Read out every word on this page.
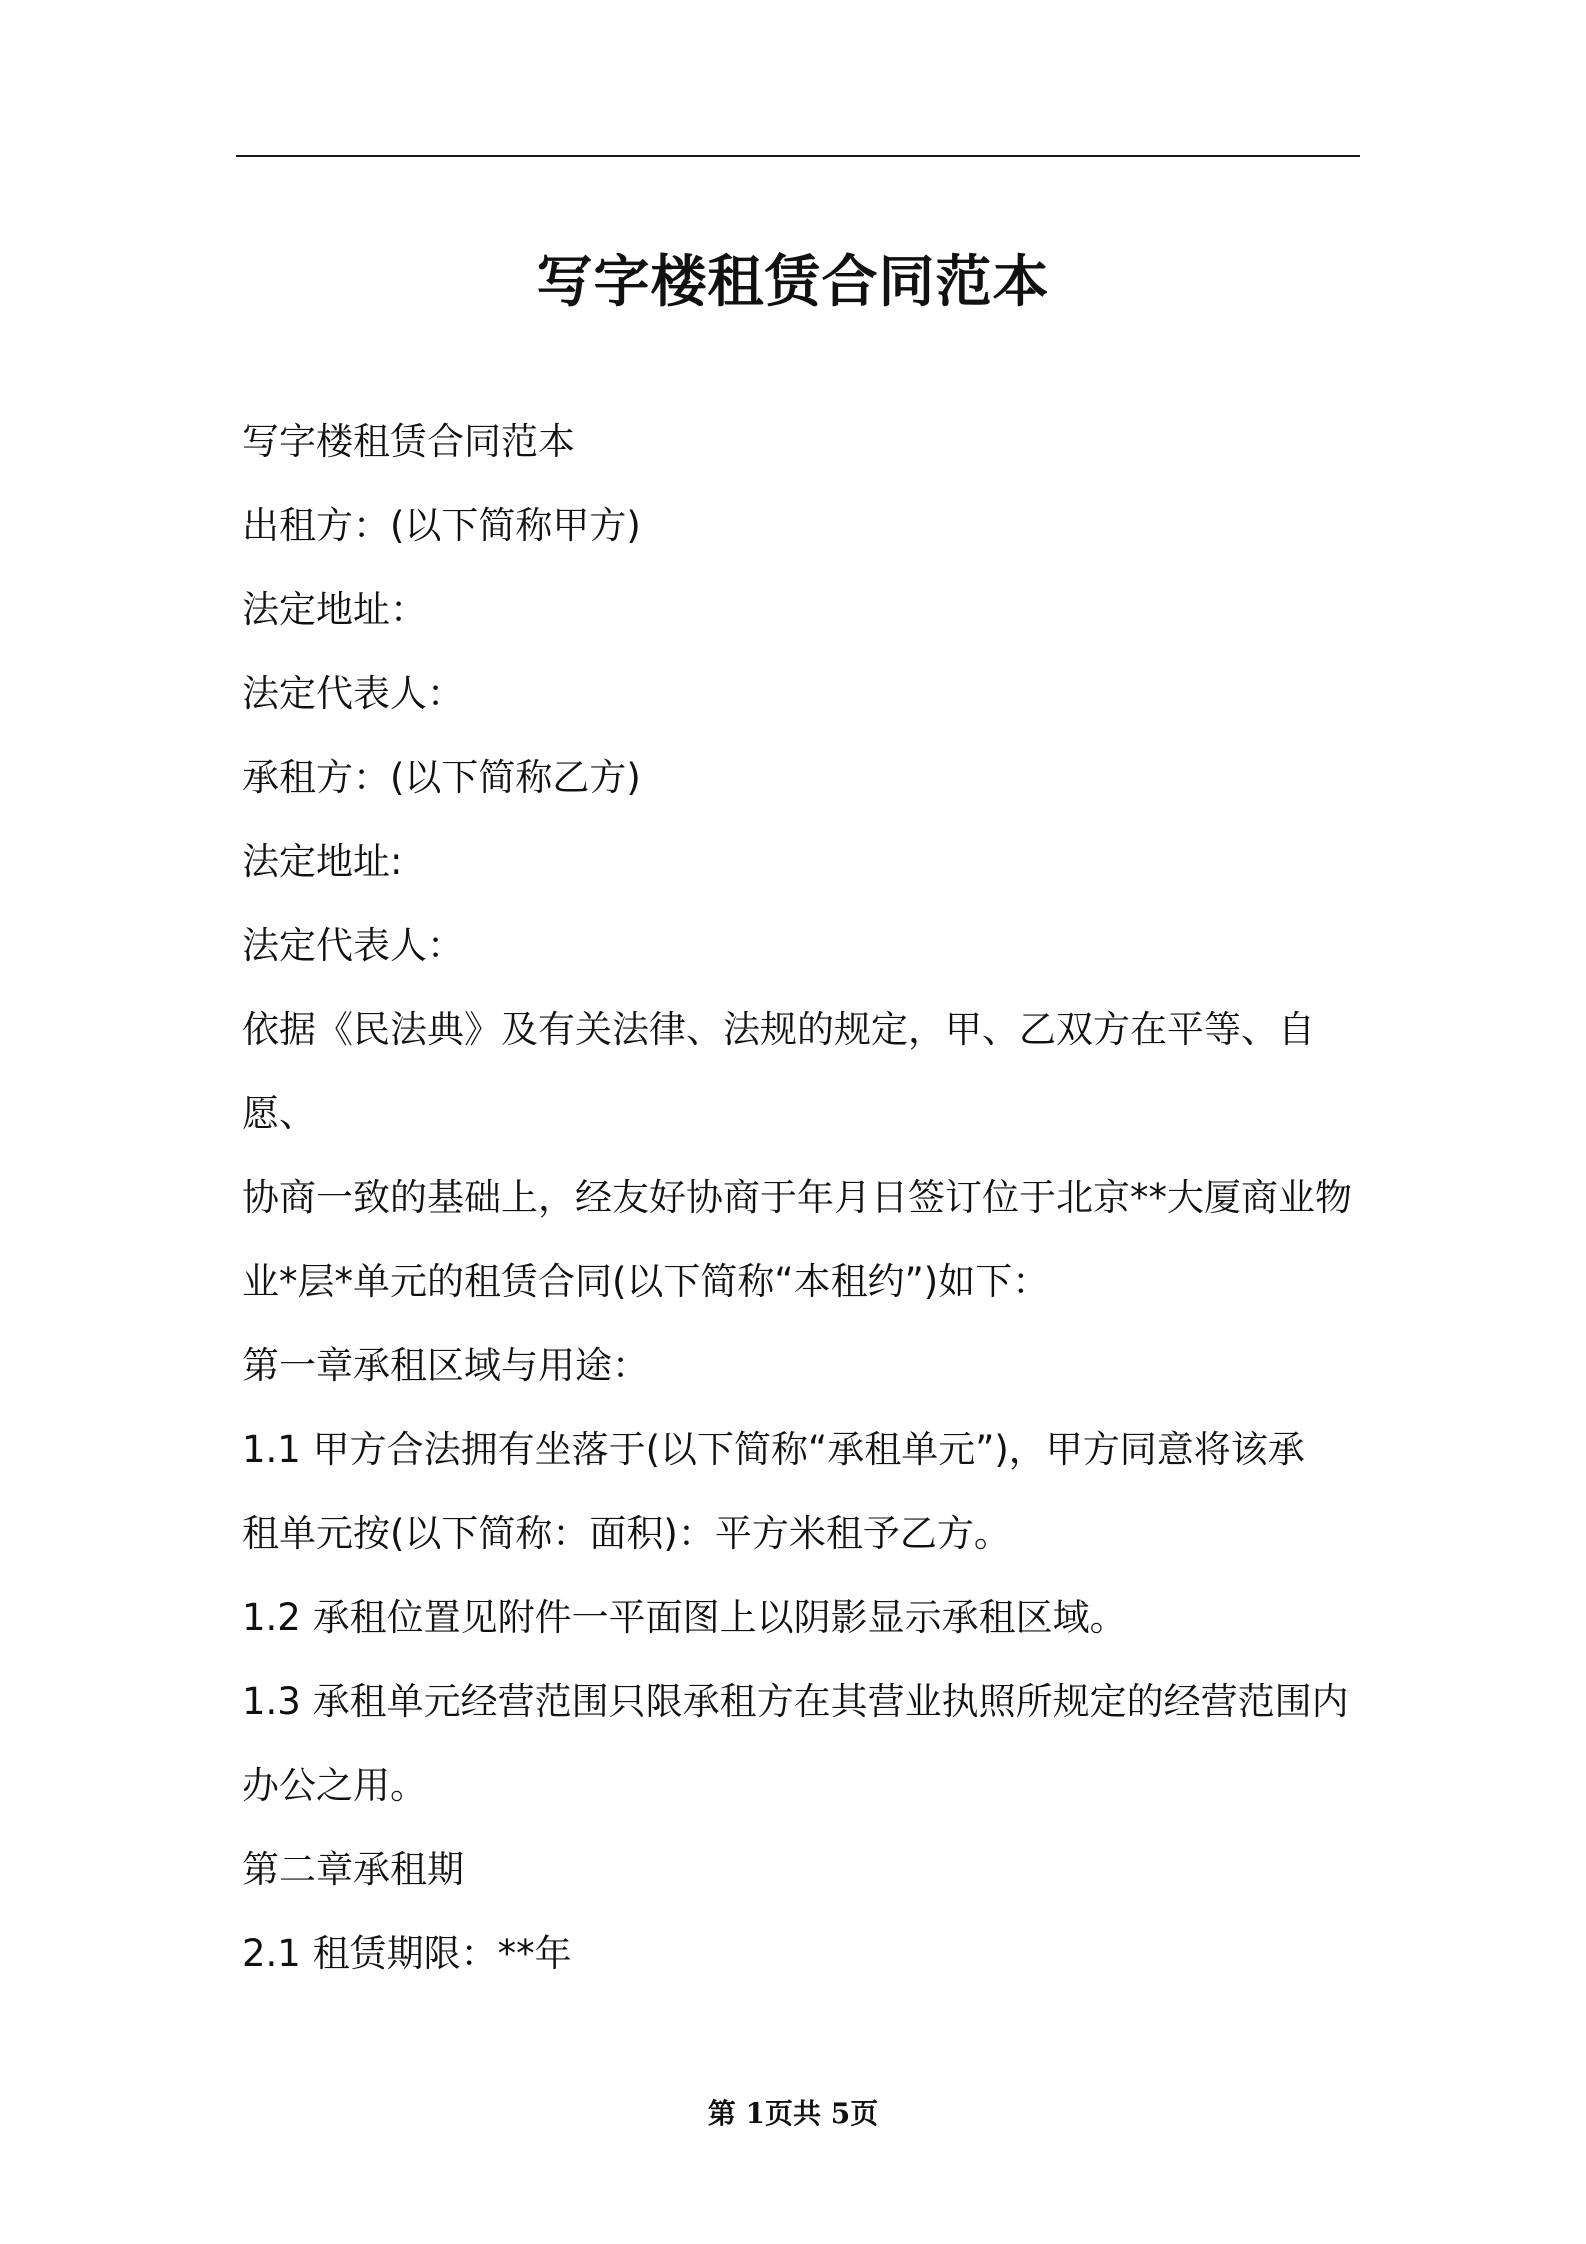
写字楼租赁合同范本

写字楼租赁合同范本

出租方：(以下简称甲方)

法定地址：

法定代表人：

承租方：(以下简称乙方)

法定地址:

法定代表人：

依据《民法典》及有关法律、法规的规定，甲、乙双方在平等、自愿、

协商一致的基础上，经友好协商于年月日签订位于北京**大厦商业物

业*层*单元的租赁合同(以下简称“本租约”)如下：

第一章承租区域与用途：

1.1 甲方合法拥有坐落于(以下简称“承租单元”)，甲方同意将该承

租单元按(以下简称：面积)：平方米租予乙方。

1.2 承租位置见附件一平面图上以阴影显示承租区域。

1.3 承租单元经营范围只限承租方在其营业执照所规定的经营范围内

办公之用。

第二章承租期

2.1 租赁期限：**年

第 1页共 5页
